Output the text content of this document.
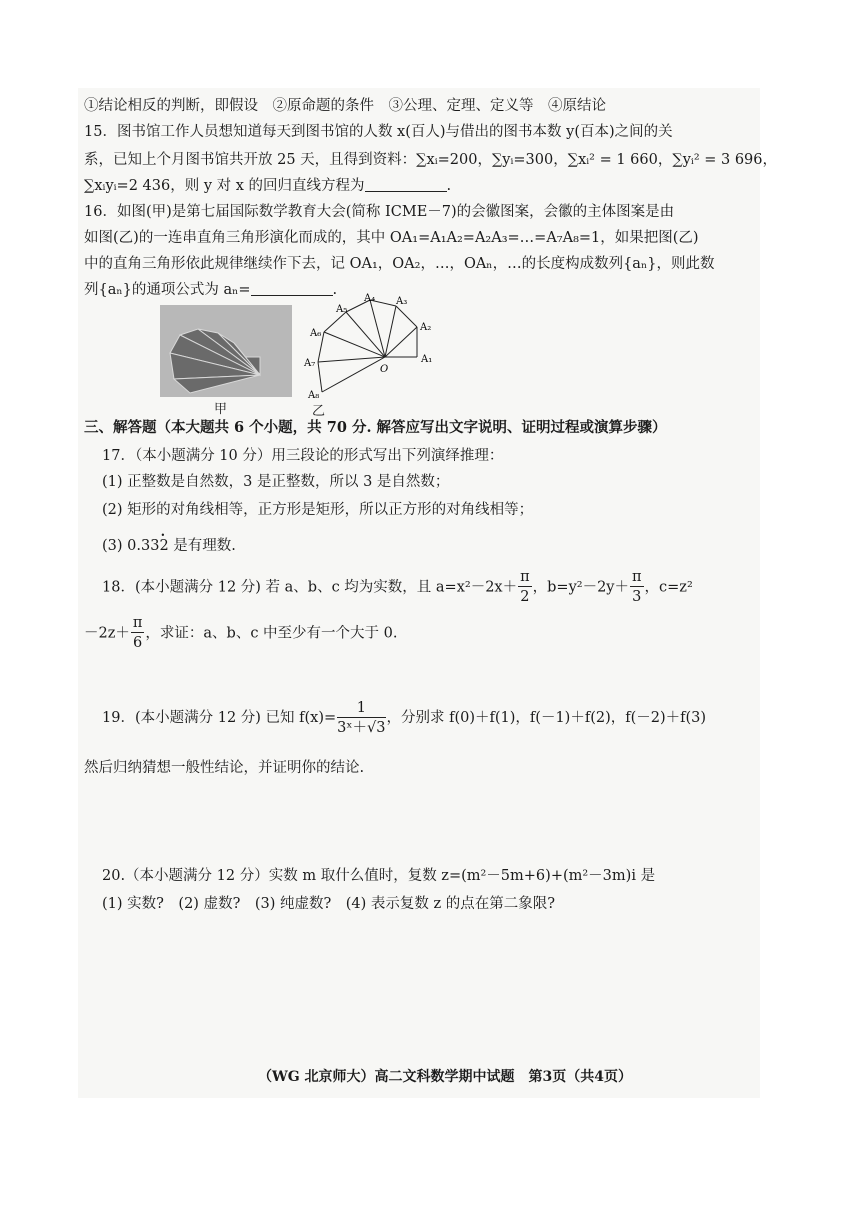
①结论相反的判断，即假设　②原命题的条件　③公理、定理、定义等　④原结论
15．图书馆工作人员想知道每天到图书馆的人数 x(百人)与借出的图书本数 y(百本)之间的关
系，已知上个月图书馆共开放 25 天，且得到资料：∑xᵢ=200，∑yᵢ=300，∑xᵢ² = 1 660，∑yᵢ² = 3 696，
∑xᵢyᵢ=2 436，则 y 对 x 的回归直线方程为	.
16．如图(甲)是第七届国际数学教育大会(简称 ICME－7)的会徽图案，会徽的主体图案是由
如图(乙)的一连串直角三角形演化而成的，其中 OA₁=A₁A₂=A₂A₃=…=A₇A₈=1，如果把图(乙)
中的直角三角形依此规律继续作下去，记 OA₁，OA₂，…，OAₙ，…的长度构成数列{aₙ}，则此数
列{aₙ}的通项公式为 aₙ=	.
甲
A₁
A₂
A₃
A₄
A₅
A₆
A₇
A₈
O
乙
三、解答题（本大题共 6 个小题，共 70 分. 解答应写出文字说明、证明过程或演算步骤）
17．（本小题满分 10 分）用三段论的形式写出下列演绎推理：
(1) 正整数是自然数，3 是正整数，所以 3 是自然数；
(2) 矩形的对角线相等，正方形是矩形，所以正方形的对角线相等；
(3) 0.33• 2 是有理数.
18．(本小题满分 12 分) 若 a、b、c 均为实数，且 $a=x^2-2x+ \frac{\pi}{2}$ ，$b=y^2-2y+ \frac{\pi}{3}$ ，c=z²
$-2z+ \frac{\pi}{6}$ ，求证：a、b、c 中至少有一个大于 0.
19．(本小题满分 12 分) 已知 $f(x)= \frac{1}{\text{3ˣ＋√3}}$ ，分别求 f(0)＋f(1)，f(－1)＋f(2)，f(－2)＋f(3)
然后归纳猜想一般性结论，并证明你的结论.
20.（本小题满分 12 分）实数 m 取什么值时，复数 z=(m²－5m+6)+(m²－3m)i 是
(1) 实数?　(2) 虚数?　(3) 纯虚数?　(4) 表示复数 z 的点在第二象限?
（WG 北京师大）高二文科数学期中试题　第3页（共4页）
